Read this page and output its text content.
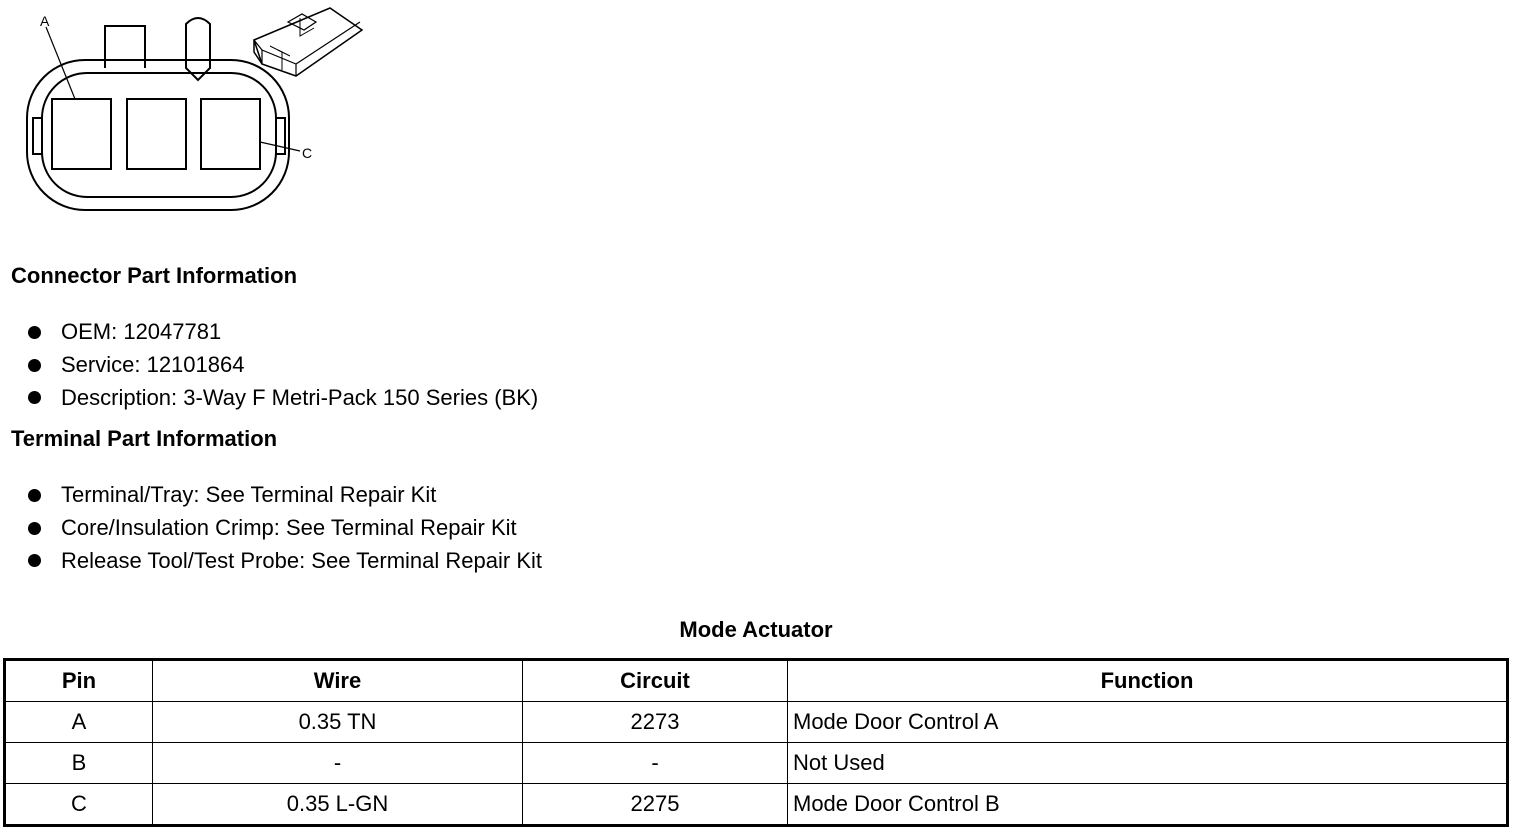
A
C
Connector Part Information
OEM: 12047781
Service: 12101864
Description: 3-Way F Metri-Pack 150 Series (BK)
Terminal Part Information
Terminal/Tray: See Terminal Repair Kit
Core/Insulation Crimp: See Terminal Repair Kit
Release Tool/Test Probe: See Terminal Repair Kit
Mode Actuator
Pin	Wire	Circuit	Function
A	0.35 TN	2273	Mode Door Control A
B	-	-	Not Used
C	0.35 L-GN	2275	Mode Door Control B
